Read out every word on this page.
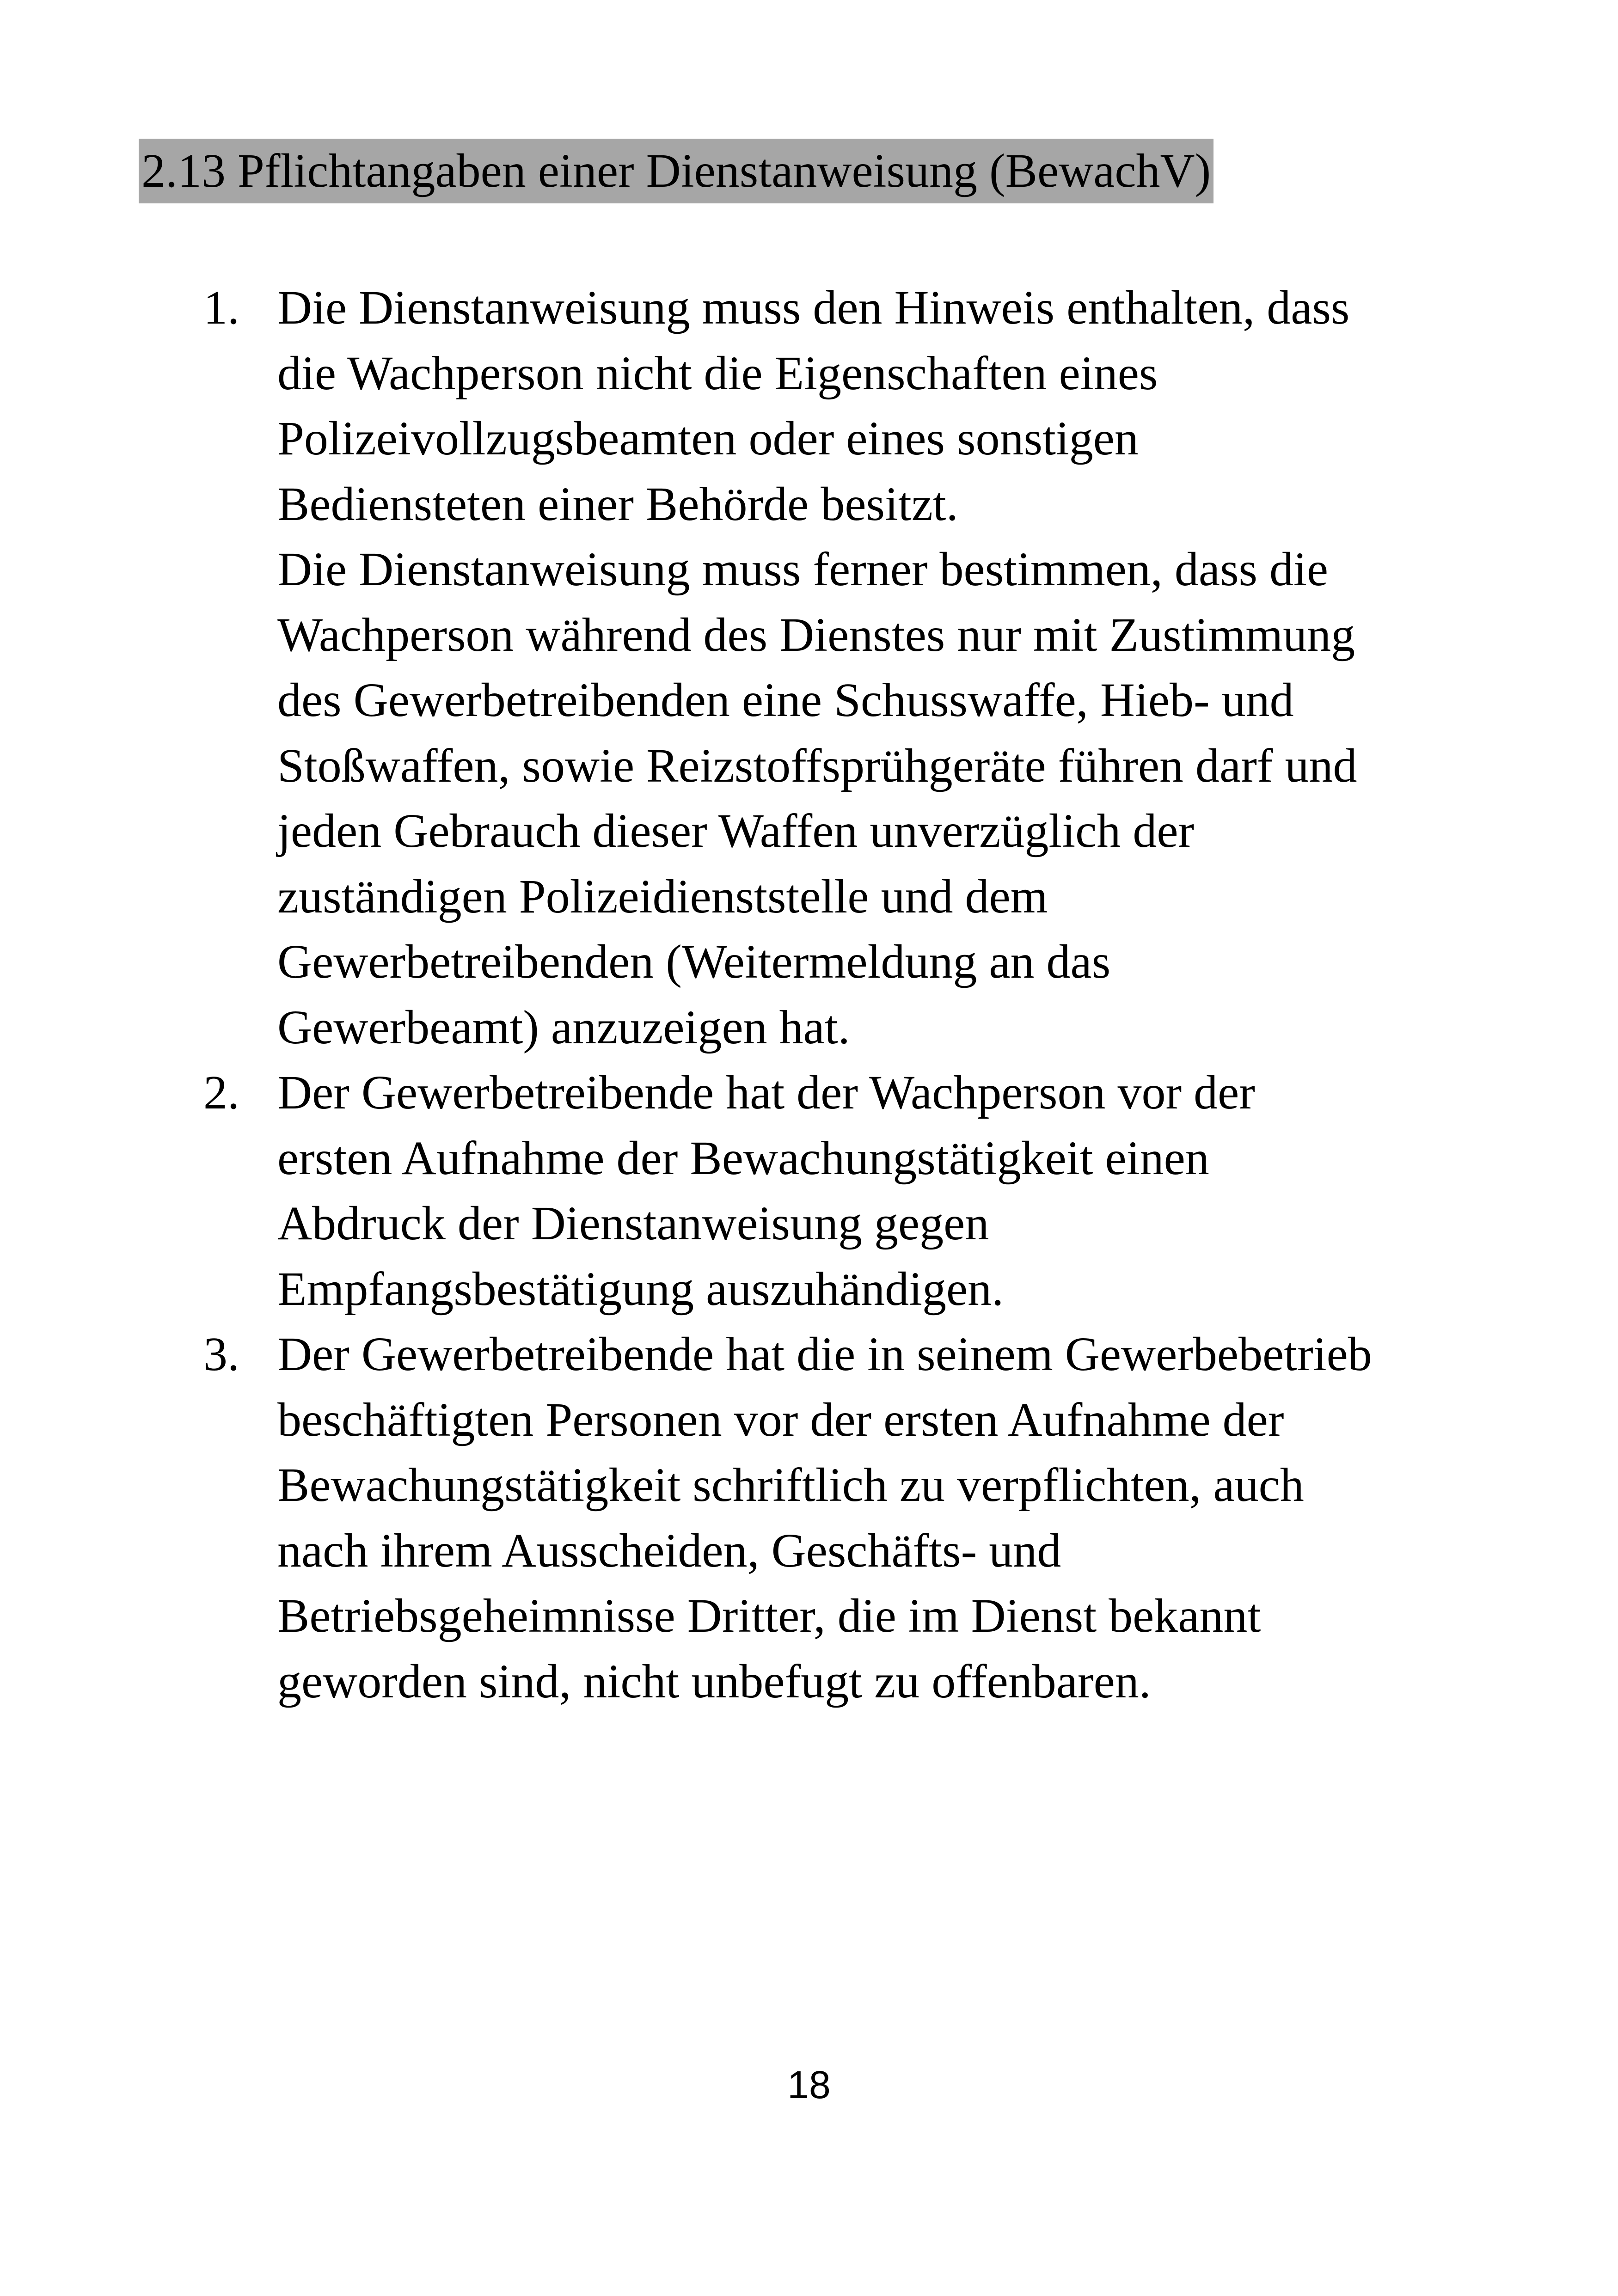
2.13 Pflichtangaben einer Dienstanweisung (BewachV)
1. Die Dienstanweisung muss den Hinweis enthalten, dass
die Wachperson nicht die Eigenschaften eines
Polizeivollzugsbeamten oder eines sonstigen
Bediensteten einer Behörde besitzt.
Die Dienstanweisung muss ferner bestimmen, dass die
Wachperson während des Dienstes nur mit Zustimmung
des Gewerbetreibenden eine Schusswaffe, Hieb- und
Stoßwaffen, sowie Reizstoffsprühgeräte führen darf und
jeden Gebrauch dieser Waffen unverzüglich der
zuständigen Polizeidienststelle und dem
Gewerbetreibenden (Weitermeldung an das
Gewerbeamt) anzuzeigen hat.
2. Der Gewerbetreibende hat der Wachperson vor der
ersten Aufnahme der Bewachungstätigkeit einen
Abdruck der Dienstanweisung gegen
Empfangsbestätigung auszuhändigen.
3. Der Gewerbetreibende hat die in seinem Gewerbebetrieb
beschäftigten Personen vor der ersten Aufnahme der
Bewachungstätigkeit schriftlich zu verpflichten, auch
nach ihrem Ausscheiden, Geschäfts- und
Betriebsgeheimnisse Dritter, die im Dienst bekannt
geworden sind, nicht unbefugt zu offenbaren.
18
